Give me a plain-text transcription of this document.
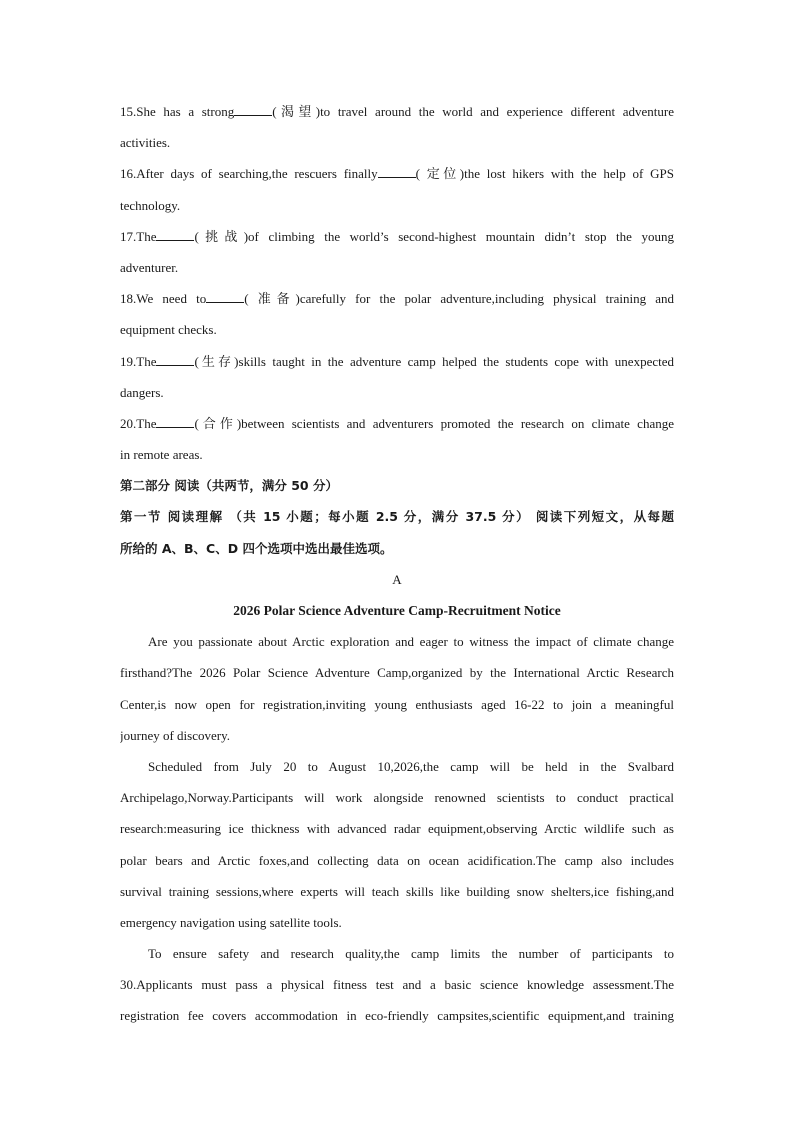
15.She has a strong	(渴望)to travel around the world and experience different adventure
activities.
16.After days of searching,the rescuers finally	( 定位)the lost hikers with the help of GPS
technology.
17.The	(挑战)of climbing the world’s second-highest mountain didn’t stop the young
adventurer.
18.We need to	( 准备)carefully for the polar adventure,including physical training and
equipment checks.
19.The	(生存)skills taught in the adventure camp helped the students cope with unexpected
dangers.
20.The	(合作)between scientists and adventurers promoted the research on climate change
in remote areas.
第二部分 阅读（共两节，满分 50 分）
第一节 阅读理解 （共 15 小题；每小题 2.5 分，满分 37.5 分） 阅读下列短文，从每题
所给的 A、B、C、D 四个选项中选出最佳选项。
A
2026 Polar Science Adventure Camp-Recruitment Notice
Are you passionate about Arctic exploration and eager to witness the impact of climate change
firsthand?The 2026 Polar Science Adventure Camp,organized by the International Arctic Research
Center,is now open for registration,inviting young enthusiasts aged 16-22 to join a meaningful
journey of discovery.
Scheduled from July 20 to August 10,2026,the camp will be held in the Svalbard
Archipelago,Norway.Participants will work alongside renowned scientists to conduct practical
research:measuring ice thickness with advanced radar equipment,observing Arctic wildlife such as
polar bears and Arctic foxes,and collecting data on ocean acidification.The camp also includes
survival training sessions,where experts will teach skills like building snow shelters,ice fishing,and
emergency navigation using satellite tools.
To ensure safety and research quality,the camp limits the number of participants to
30.Applicants must pass a physical fitness test and a basic science knowledge assessment.The
registration fee covers accommodation in eco-friendly campsites,scientific equipment,and training
